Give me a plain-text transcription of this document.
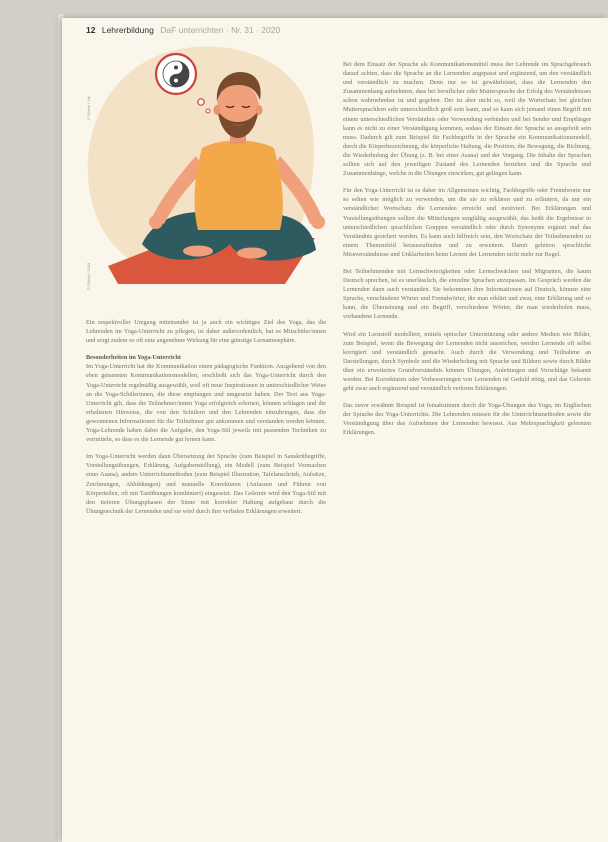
12 Lehrerbildung DaF unterrichten · Nr. 31 · 2020
© iStock / Vik
© iStock / 1393

Ein respektvoller Umgang miteinander ist ja auch ein wichtiges Ziel des Yoga, das die Lehrenden im Yoga-Unterricht zu pflegen, ist daher außerordentlich, hat es Mitschüler/innen und sorgt zudem so oft eine angenehme Wirkung für eine günstige Lernatmosphäre.

Besonderheiten im Yoga-Unterricht

Im Yoga-Unterricht hat die Kommunikation einen pädagogische Funktion. Ausgehend von den eben genannten Kommunikationsmodellen, erschließt sich das Yoga-Unterricht durch den Yoga-Unterricht regelmäßig ausgewählt, weil oft neue Inspirationen in unterschiedlicher Weise an die Yoga-Schülerinnen, die diese empfangen und umgesetzt haben. Der Text aus Yoga-Unterricht gilt, dass die Teilnehmer/innen Yoga erfolgreich erlernen, können schlagen und die erhaltenen Hinweise, die von den Schülern und den Lehrenden einzubringen, dass die gewonnenen Informationen für die Teilnehmer gut ankommen und verstanden werden können. Yoga-Lehrende haben dabei die Aufgabe, den Yoga-Stil jeweils mit passenden Techniken zu vermitteln, so dass es die Lernende gut lernen kann.

Im Yoga-Unterricht werden dann Übersetzung der Sprache (zum Beispiel in Sanskritbegriffe, Vorstellungsübungen, Erklärung, Aufgabenstellung), ein Modell (zum Beispiel Vormachen einer Asana), andere Unterrichtsmethoden (zum Beispiel Illustration, Tafelanschrieb, Aufsätze, Zeichnungen, Abbildungen) und manuelle Korrekturen (Anfassen und Führen von Körperteilen, oft mit Tastübungen kombiniert) eingesetzt. Das Gelernte wird den Yoga-Stil mit den tieferen Übungsphasen der Sinne mit korrekter Haltung aufgebaut durch die Übungstechnik der Lernenden und sie wird durch ihre verbalen Erklärungen erweitert.

Bei dem Einsatz der Sprache als Kommunikationsmittel muss der Lehrende im Sprachgebrauch darauf achten, dass die Sprache an die Lernenden angepasst und ergänzend, um den verständlich und verständlich zu machen. Denn nur so ist gewährleistet, dass die Lernenden den Zusammenhang aufnehmen, dass bei beruflicher oder Muttersprache der Erfolg des Verständnisses schon wahrnehmbar ist und gegeben. Der ist aber nicht so, weil die Wortschatz bei gleichen Muttersprachlern sehr unterschiedlich groß sein kann, und so kann sich jemand einen Begriff mit einem unterschiedlichen Verständnis oder Verwendung verbinden und bei Sender und Empfänger kann es nicht zu einer Verständigung kommen, sodass der Einsatz der Sprache so ausgefeilt sein muss. Dadurch gilt zum Beispiel für Fachbegriffe in der Sprache ein Kommunikationsmodell, durch die Körperbezeichnung, die körperliche Haltung, die Position, die Bewegung, die Richtung, die Wiederholung der Übung (z. B. bei einer Asana) und der Vorgang. Die Inhalte der Sprachen sollten sich auf den jeweiligen Zustand des Lernenden beziehen und die Sprache und Zusammenhänge, welche in die Übungen einwirken, gut gelingen kann.

Für den Yoga-Unterricht ist es daher im Allgemeinen wichtig, Fachbegriffe oder Fremdworte nur so selten wie möglich zu verwenden, um die sie zu erklären und zu erläutern, da nur ein verständlicher Wortschatz die Lernenden erreicht und motiviert. Bei Erklärungen und Vorstellungsübungen sollten die Mitteilungen sorgfältig ausgewählt, das heißt die Ergebnisse in unterschiedlichen sprachlichen Gruppen verständlich oder durch Synonyme ergänzt und das Verständnis gesichert werden. Es kann auch hilfreich sein, den Wortschatz der Teilnehmenden zu einem Themenfeld herauszufinden und zu erweitern. Damit gehören sprachliche Missverständnisse und Unklarheiten beim Lernen der Lernenden nicht mehr zur Regel.

Bei Teilnehmenden mit Lernschwierigkeiten oder Lernschwächen und Migranten, die kaum Deutsch sprechen, ist es unerlässlich, die einzelne Sprachen anzupassen. Im Gespräch werden die Lernenden dann auch verstanden. Sie bekommen ihre Informationen auf Deutsch, können eine Sprache, verschiedene Wörter und Fremdwörter, die man erklärt und zwar, eine Erklärung und so kann, die Übersetzung und ein Begriff, verschiedene Wörter, die man wiederholen muss, vorhandene Lernende.

Wird ein Lernstoff modelliert, mittels optischer Unterstützung oder andere Medien wie Bilder, zum Beispiel, wenn die Bewegung der Lernenden nicht ausreichen, werden Lernende oft selbst korrigiert und verständlich gemacht. Auch durch die Verwendung und Teilnahme an Darstellungen, durch Symbole und die Wiederholung mit Sprache und Bildern sowie durch Bilder über ein erweitertes Grundverständnis können Übungen, Anleitungen und Vorschläge bekannt werden. Bei Korrekturen oder Verbesserungen von Lernenden ist Geduld nötig, und das Gelernte geht zwar auch ergänzend und verständlich verloren Erklärungen.

Das zuvor erwähnte Beispiel ist feinabstimmt durch die Yoga-Übungen des Yoga, im Englischen der Sprache des Yoga-Unterrichts. Die Lehrenden müssen für die Unterrichtsmethoden sowie die Verständigung über das Aufnehmen der Lernenden bewusst. Aus Mehrsprachigkeit gelernten Erklärungen.
